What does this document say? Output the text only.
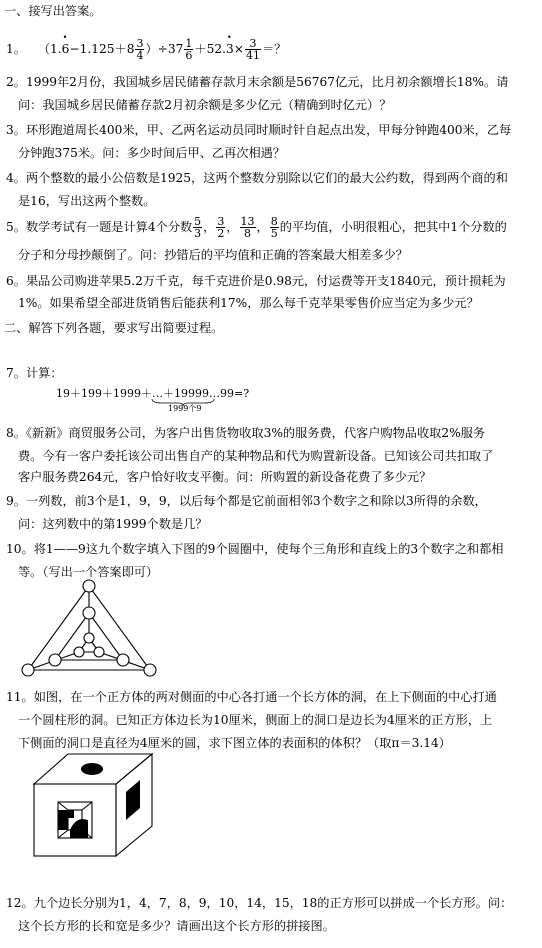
一、接写出答案。
1。 （1.• $6-1.125+8 \frac{3}{4} )\div 37 \frac{1}{6}$ ＋52.• $3\times \frac{3}{41}$ ＝？
2。1999年2月份，我国城乡居民储蓄存款月末余额是56767亿元，比月初余额增长18%。请
问：我国城乡居民储蓄存款2月初余额是多少亿元（精确到时亿元）？
3。环形跑道周长400米，甲、乙两名运动员同时顺时针自起点出发，甲每分钟跑400米，乙每
分钟跑375米。问：多少时间后甲、乙再次相遇？
4。两个整数的最小公倍数是1925，这两个整数分别除以它们的最大公约数，得到两个商的和
是16，写出这两个整数。
5。数学考试有一题是计算4个分数 $\frac{5}{3}$ ， $\frac{3}{2}$ ， $\frac{13}{8}$ ， $\frac{8}{5}$ 的平均值，小明很粗心，把其中1个分数的
分子和分母抄颠倒了。问：抄错后的平均值和正确的答案最大相差多少？
6。果品公司购进苹果5.2万千克，每千克进价是0.98元，付运费等开支1840元，预计损耗为
1%。如果希望全部进货销售后能获利17%，那么每千克苹果零售价应当定为多少元？
二、解答下列各题，要求写出简要过程。
7。计算：
19＋199＋1999＋…＋19999…99=?
1999个9
8。《新新》商贸服务公司，为客户出售货物收取3%的服务费，代客户购物品收取2%服务
费。今有一客户委托该公司出售自产的某种物品和代为购置新设备。已知该公司共扣取了
客户服务费264元，客户恰好收支平衡。问：所购置的新设备花费了多少元？
9。一列数，前3个是1，9，9，以后每个都是它前面相邻3个数字之和除以3所得的余数，
问：这列数中的第1999个数是几？
10。将1——9这九个数字填入下图的9个圆圈中，使每个三角形和直线上的3个数字之和都相
等。（写出一个答案即可）
11。如图，在一个正方体的两对侧面的中心各打通一个长方体的洞，在上下侧面的中心打通
一个圆柱形的洞。已知正方体边长为10厘米，侧面上的洞口是边长为4厘米的正方形，上
下侧面的洞口是直径为4厘米的圆，求下图立体的表面积的体积？（取π＝3.14）
12。九个边长分别为1，4，7，8，9，10，14，15，18的正方形可以拼成一个长方形。问：
这个长方形的长和宽是多少？请画出这个长方形的拼接图。
